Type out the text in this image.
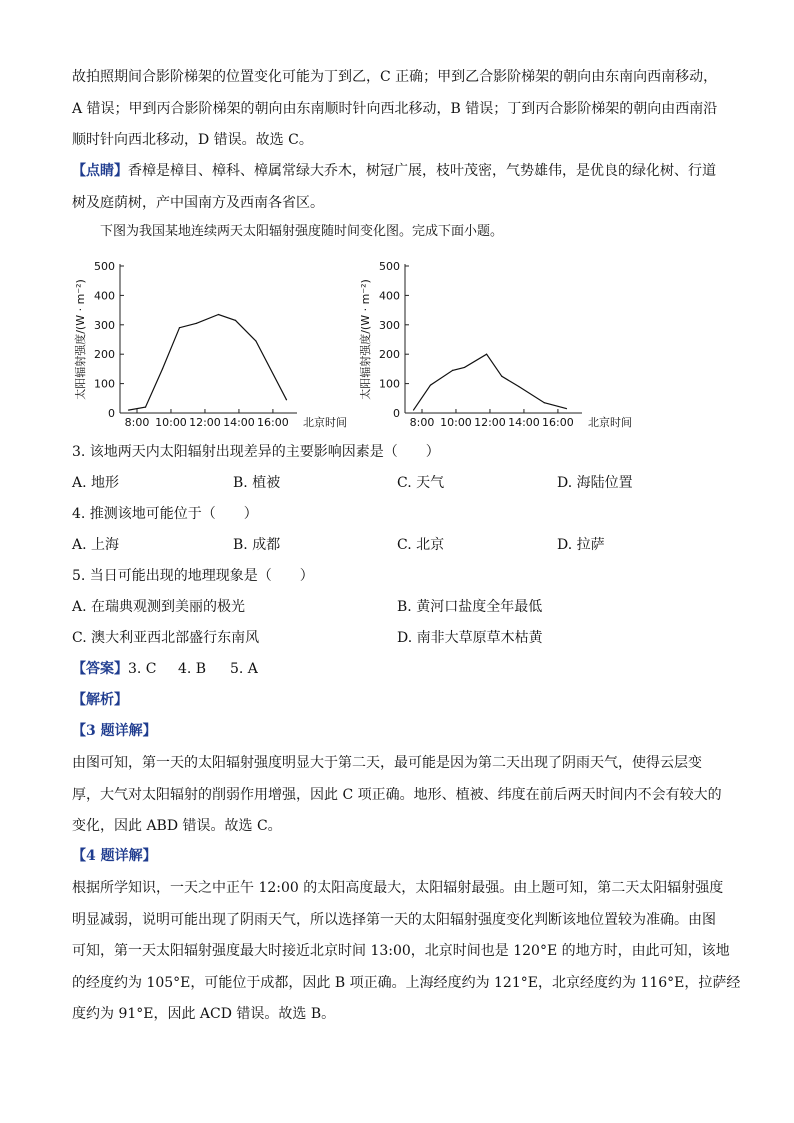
故拍照期间合影阶梯架的位置变化可能为丁到乙，C 正确；甲到乙合影阶梯架的朝向由东南向西南移动，
A 错误；甲到丙合影阶梯架的朝向由东南顺时针向西北移动，B 错误；丁到丙合影阶梯架的朝向由西南沿
顺时针向西北移动，D 错误。故选 C。
【点睛】香樟是樟目、樟科、樟属常绿大乔木，树冠广展，枝叶茂密，气势雄伟，是优良的绿化树、行道
树及庭荫树，产中国南方及西南各省区。
下图为我国某地连续两天太阳辐射强度随时间变化图。完成下面小题。
0
100
200
300
400
500
8:00 10:00 12:00 14:00 16:00 北京时间
太阳辐射强度/(W · m⁻²)
0
100
200
300
400
500
8:00 10:00 12:00 14:00 16:00 北京时间
太阳辐射强度/(W · m⁻²)
3. 该地两天内太阳辐射出现差异的主要影响因素是（　　）
A. 地形	B. 植被	C. 天气	D. 海陆位置
4. 推测该地可能位于（　　）
A. 上海	B. 成都	C. 北京	D. 拉萨
5. 当日可能出现的地理现象是（　　）
A. 在瑞典观测到美丽的极光	B. 黄河口盐度全年最低
C. 澳大利亚西北部盛行东南风	D. 南非大草原草木枯黄
【答案】3. C 4. B 5. A
【解析】
【3 题详解】
由图可知，第一天的太阳辐射强度明显大于第二天，最可能是因为第二天出现了阴雨天气，使得云层变
厚，大气对太阳辐射的削弱作用增强，因此 C 项正确。地形、植被、纬度在前后两天时间内不会有较大的
变化，因此 ABD 错误。故选 C。
【4 题详解】
根据所学知识，一天之中正午 12:00 的太阳高度最大，太阳辐射最强。由上题可知，第二天太阳辐射强度
明显减弱，说明可能出现了阴雨天气，所以选择第一天的太阳辐射强度变化判断该地位置较为准确。由图
可知，第一天太阳辐射强度最大时接近北京时间 13:00，北京时间也是 120°E 的地方时，由此可知，该地
的经度约为 105°E，可能位于成都，因此 B 项正确。上海经度约为 121°E，北京经度约为 116°E，拉萨经
度约为 91°E，因此 ACD 错误。故选 B。
